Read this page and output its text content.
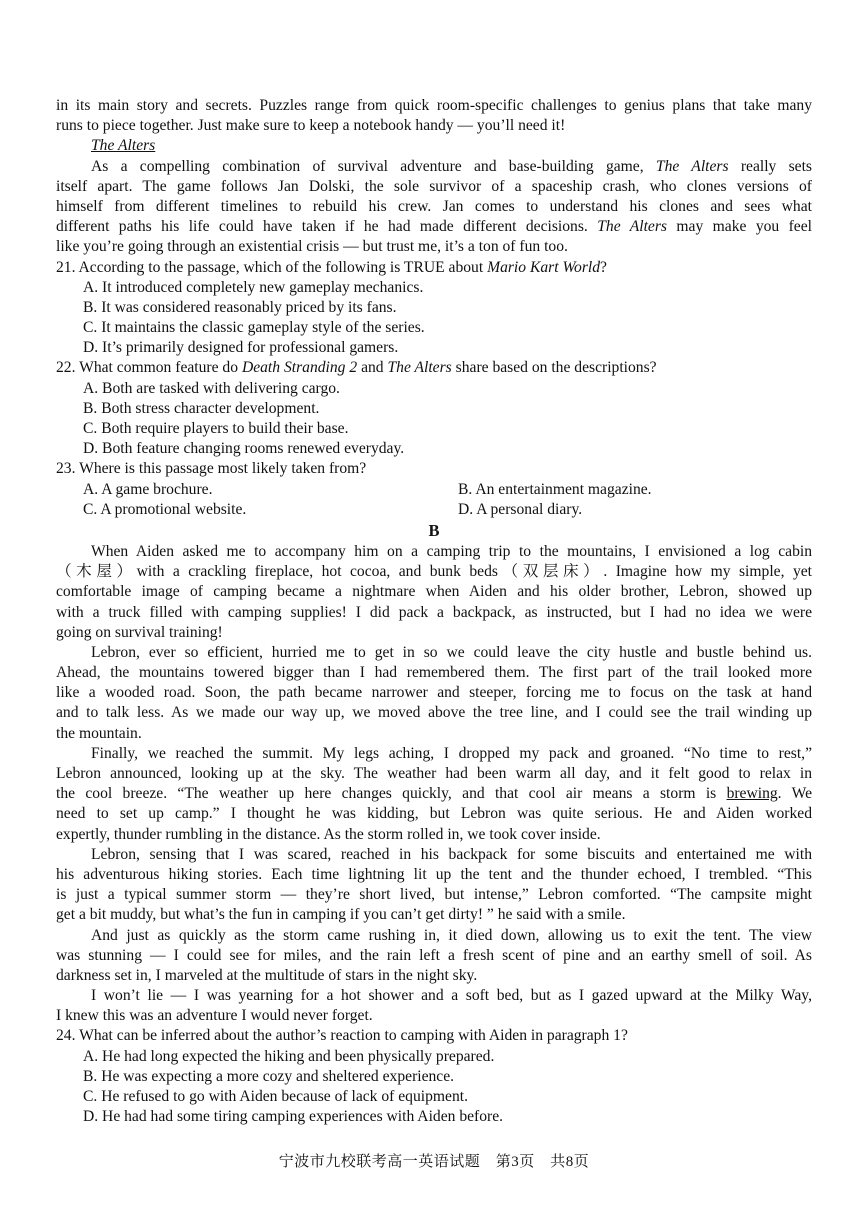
in its main story and secrets. Puzzles range from quick room-specific challenges to genius plans that take many
runs to piece together. Just make sure to keep a notebook handy — you’ll need it!
The Alters
As a compelling combination of survival adventure and base-building game, The Alters really sets
itself apart. The game follows Jan Dolski, the sole survivor of a spaceship crash, who clones versions of
himself from different timelines to rebuild his crew. Jan comes to understand his clones and sees what
different paths his life could have taken if he had made different decisions. The Alters may make you feel
like you’re going through an existential crisis — but trust me, it’s a ton of fun too.
21. According to the passage, which of the following is TRUE about Mario Kart World?
A. It introduced completely new gameplay mechanics.
B. It was considered reasonably priced by its fans.
C. It maintains the classic gameplay style of the series.
D. It’s primarily designed for professional gamers.
22. What common feature do Death Stranding 2 and The Alters share based on the descriptions?
A. Both are tasked with delivering cargo.
B. Both stress character development.
C. Both require players to build their base.
D. Both feature changing rooms renewed everyday.
23. Where is this passage most likely taken from?
A. A game brochure.	B. An entertainment magazine.
C. A promotional website.	D. A personal diary.
B
When Aiden asked me to accompany him on a camping trip to the mountains, I envisioned a log cabin
（木屋）with a crackling fireplace, hot cocoa, and bunk beds（双层床）. Imagine how my simple, yet
comfortable image of camping became a nightmare when Aiden and his older brother, Lebron, showed up
with a truck filled with camping supplies! I did pack a backpack, as instructed, but I had no idea we were
going on survival training!
Lebron, ever so efficient, hurried me to get in so we could leave the city hustle and bustle behind us.
Ahead, the mountains towered bigger than I had remembered them. The first part of the trail looked more
like a wooded road. Soon, the path became narrower and steeper, forcing me to focus on the task at hand
and to talk less. As we made our way up, we moved above the tree line, and I could see the trail winding up
the mountain.
Finally, we reached the summit. My legs aching, I dropped my pack and groaned. “No time to rest,”
Lebron announced, looking up at the sky. The weather had been warm all day, and it felt good to relax in
the cool breeze. “The weather up here changes quickly, and that cool air means a storm is brewing. We
need to set up camp.” I thought he was kidding, but Lebron was quite serious. He and Aiden worked
expertly, thunder rumbling in the distance. As the storm rolled in, we took cover inside.
Lebron, sensing that I was scared, reached in his backpack for some biscuits and entertained me with
his adventurous hiking stories. Each time lightning lit up the tent and the thunder echoed, I trembled. “This
is just a typical summer storm — they’re short lived, but intense,” Lebron comforted. “The campsite might
get a bit muddy, but what’s the fun in camping if you can’t get dirty! ” he said with a smile.
And just as quickly as the storm came rushing in, it died down, allowing us to exit the tent. The view
was stunning — I could see for miles, and the rain left a fresh scent of pine and an earthy smell of soil. As
darkness set in, I marveled at the multitude of stars in the night sky.
I won’t lie — I was yearning for a hot shower and a soft bed, but as I gazed upward at the Milky Way,
I knew this was an adventure I would never forget.
24. What can be inferred about the author’s reaction to camping with Aiden in paragraph 1?
A. He had long expected the hiking and been physically prepared.
B. He was expecting a more cozy and sheltered experience.
C. He refused to go with Aiden because of lack of equipment.
D. He had had some tiring camping experiences with Aiden before.
宁波市九校联考高一英语试题　第3页　共8页
